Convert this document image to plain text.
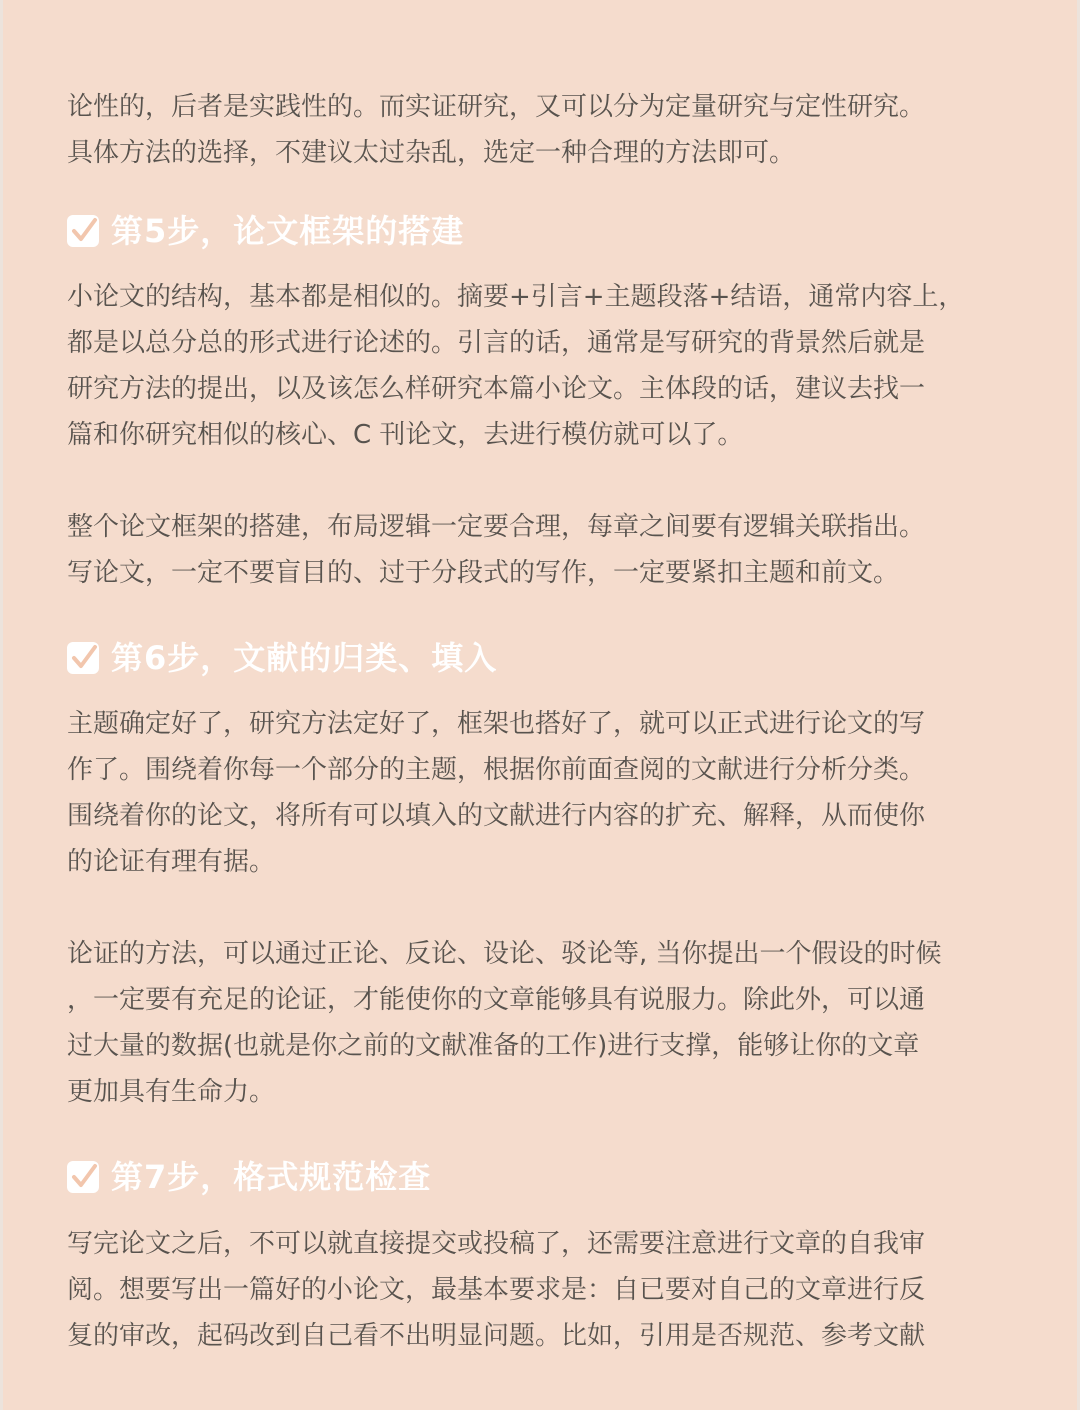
论性的，后者是实践性的。而实证研究，又可以分为定量研究与定性研究。
具体方法的选择，不建议太过杂乱，选定一种合理的方法即可。
第5步，论文框架的搭建
小论文的结构，基本都是相似的。摘要+引言+主题段落+结语，通常内容上，
都是以总分总的形式进行论述的。引言的话，通常是写研究的背景然后就是
研究方法的提出，以及该怎么样研究本篇小论文。主体段的话，建议去找一
篇和你研究相似的核心、C 刊论文，去进行模仿就可以了。
整个论文框架的搭建，布局逻辑一定要合理，每章之间要有逻辑关联指出。
写论文，一定不要盲目的、过于分段式的写作，一定要紧扣主题和前文。
第6步，文献的归类、填入
主题确定好了，研究方法定好了，框架也搭好了，就可以正式进行论文的写
作了。围绕着你每一个部分的主题，根据你前面查阅的文献进行分析分类。
围绕着你的论文，将所有可以填入的文献进行内容的扩充、解释，从而使你
的论证有理有据。
论证的方法，可以通过正论、反论、设论、驳论等, 当你提出一个假设的时候
，一定要有充足的论证，才能使你的文章能够具有说服力。除此外，可以通
过大量的数据(也就是你之前的文献准备的工作)进行支撑，能够让你的文章
更加具有生命力。
第7步，格式规范检查
写完论文之后，不可以就直接提交或投稿了，还需要注意进行文章的自我审
阅。想要写出一篇好的小论文，最基本要求是：自已要对自己的文章进行反
复的审改，起码改到自己看不出明显问题。比如，引用是否规范、参考文献
